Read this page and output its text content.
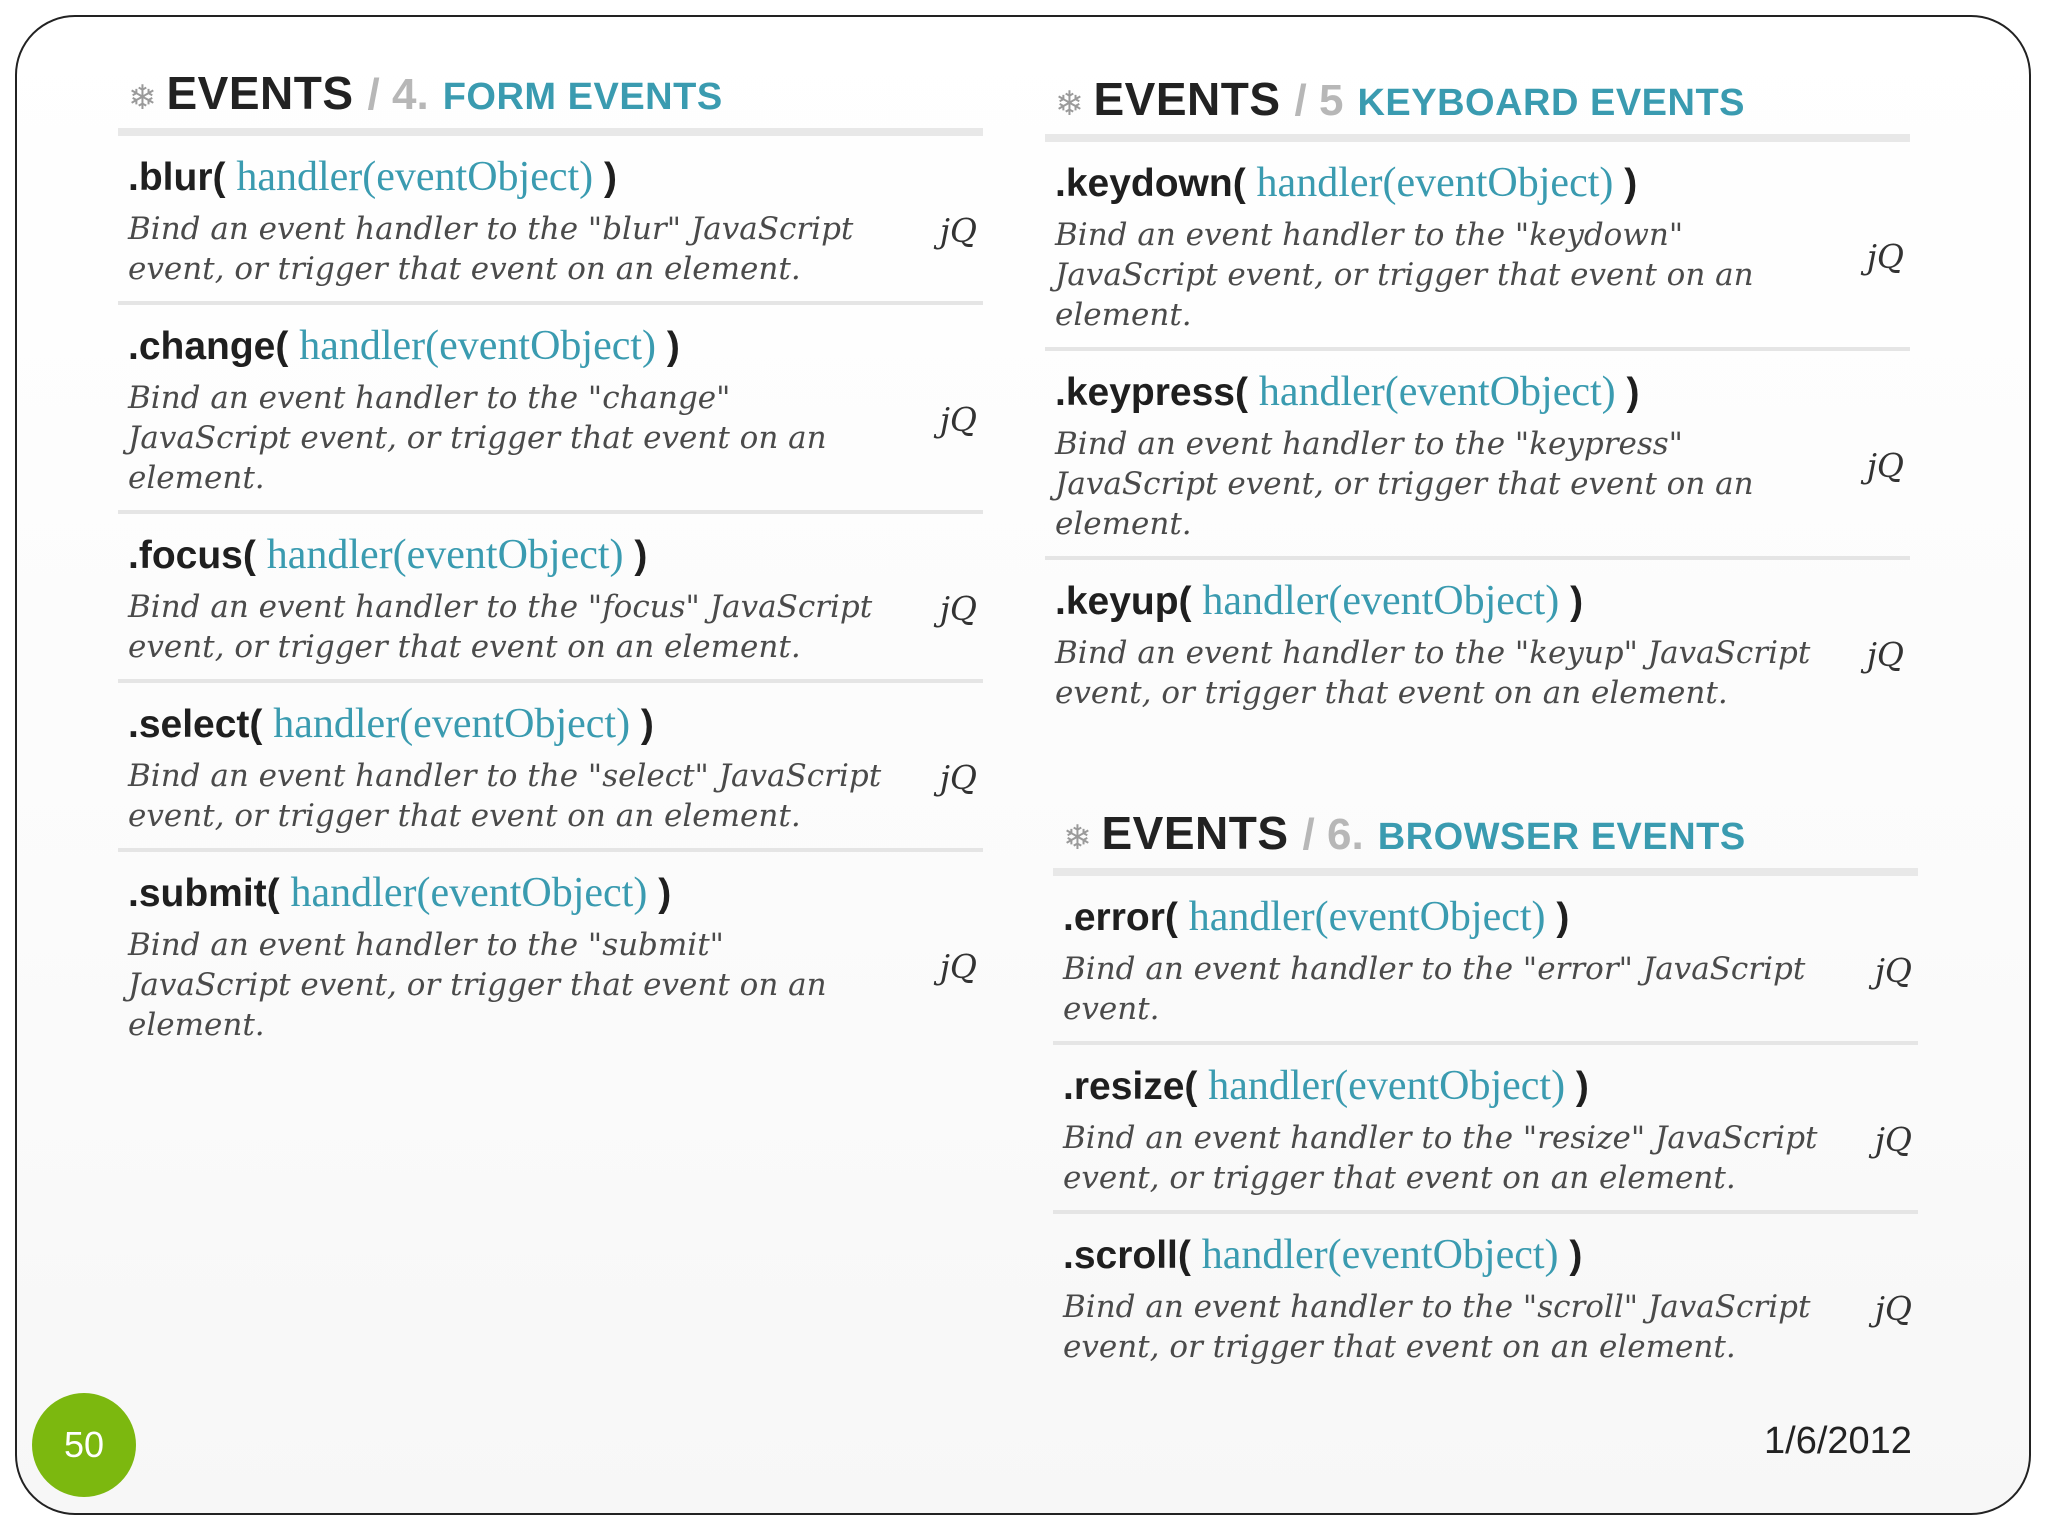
❄ EVENTS / 4. FORM EVENTS
.blur( handler(eventObject) )
Bind an event handler to the "blur" JavaScript event, or trigger that event on an element.
jQ
.change( handler(eventObject) )
Bind an event handler to the "change" JavaScript event, or trigger that event on an element.
jQ
.focus( handler(eventObject) )
Bind an event handler to the "focus" JavaScript event, or trigger that event on an element.
jQ
.select( handler(eventObject) )
Bind an event handler to the "select" JavaScript event, or trigger that event on an element.
jQ
.submit( handler(eventObject) )
Bind an event handler to the "submit" JavaScript event, or trigger that event on an element.
jQ
❄ EVENTS / 5 KEYBOARD EVENTS
.keydown( handler(eventObject) )
Bind an event handler to the "keydown" JavaScript event, or trigger that event on an element.
jQ
.keypress( handler(eventObject) )
Bind an event handler to the "keypress" JavaScript event, or trigger that event on an element.
jQ
.keyup( handler(eventObject) )
Bind an event handler to the "keyup" JavaScript event, or trigger that event on an element.
jQ
❄ EVENTS / 6. BROWSER EVENTS
.error( handler(eventObject) )
Bind an event handler to the "error" JavaScript event.
jQ
.resize( handler(eventObject) )
Bind an event handler to the "resize" JavaScript event, or trigger that event on an element.
jQ
.scroll( handler(eventObject) )
Bind an event handler to the "scroll" JavaScript event, or trigger that event on an element.
jQ
50	1/6/2012
